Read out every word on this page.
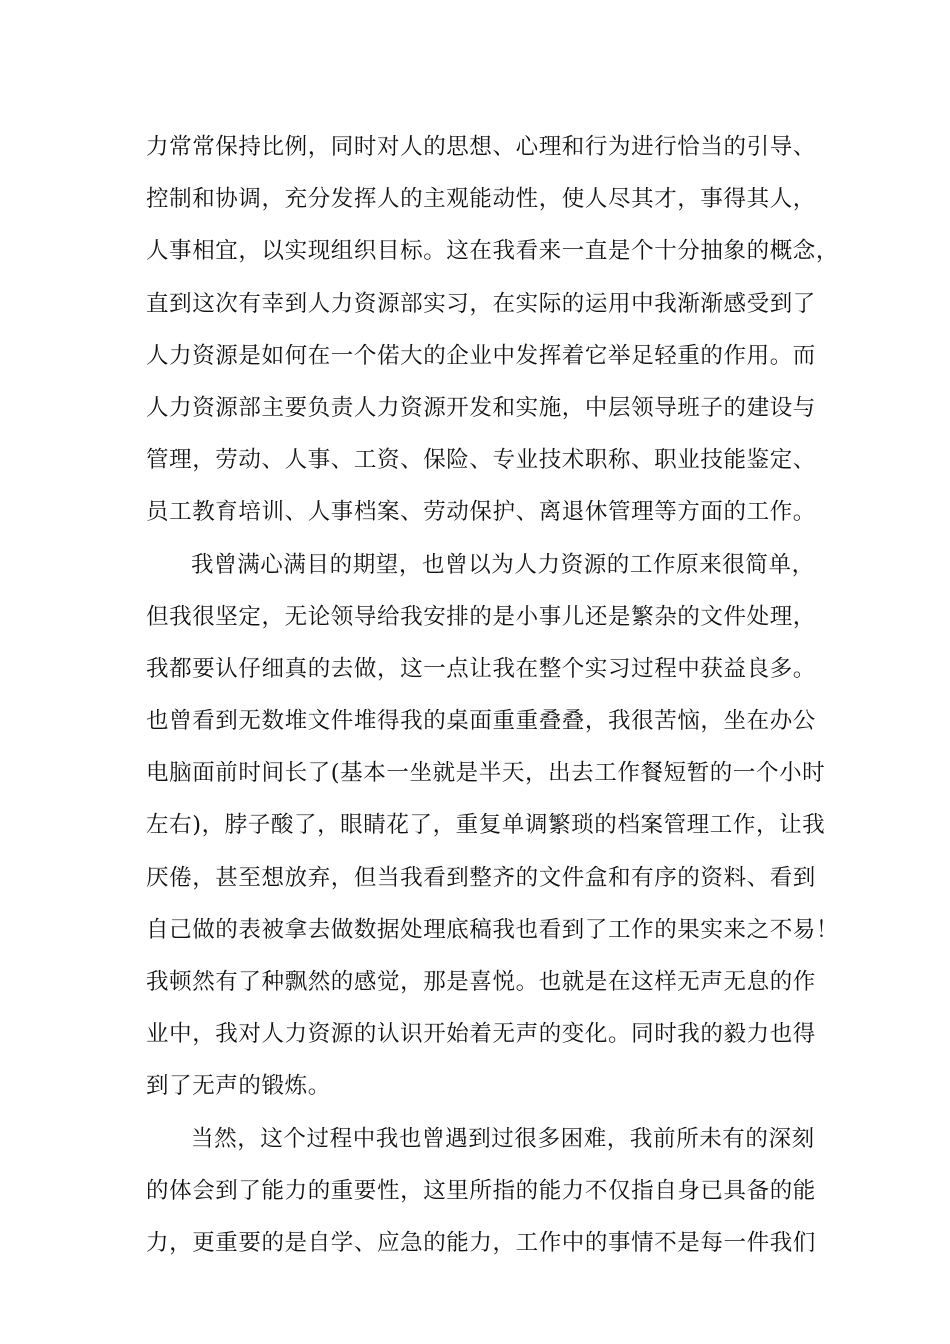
力常常保持比例，同时对人的思想、心理和行为进行恰当的引导、
控制和协调，充分发挥人的主观能动性，使人尽其才，事得其人，
人事相宜，以实现组织目标。这在我看来一直是个十分抽象的概念，
直到这次有幸到人力资源部实习，在实际的运用中我渐渐感受到了
人力资源是如何在一个偌大的企业中发挥着它举足轻重的作用。而
人力资源部主要负责人力资源开发和实施，中层领导班子的建设与
管理，劳动、人事、工资、保险、专业技术职称、职业技能鉴定、
员工教育培训、人事档案、劳动保护、离退休管理等方面的工作。
我曾满心满目的期望，也曾以为人力资源的工作原来很简单，
但我很坚定，无论领导给我安排的是小事儿还是繁杂的文件处理，
我都要认仔细真的去做，这一点让我在整个实习过程中获益良多。
也曾看到无数堆文件堆得我的桌面重重叠叠，我很苦恼，坐在办公
电脑面前时间长了(基本一坐就是半天，出去工作餐短暂的一个小时
左右)，脖子酸了，眼睛花了，重复单调繁琐的档案管理工作，让我
厌倦，甚至想放弃，但当我看到整齐的文件盒和有序的资料、看到
自己做的表被拿去做数据处理底稿我也看到了工作的果实来之不易！
我顿然有了种飘然的感觉，那是喜悦。也就是在这样无声无息的作
业中，我对人力资源的认识开始着无声的变化。同时我的毅力也得
到了无声的锻炼。
当然，这个过程中我也曾遇到过很多困难，我前所未有的深刻
的体会到了能力的重要性，这里所指的能力不仅指自身已具备的能
力，更重要的是自学、应急的能力，工作中的事情不是每一件我们
